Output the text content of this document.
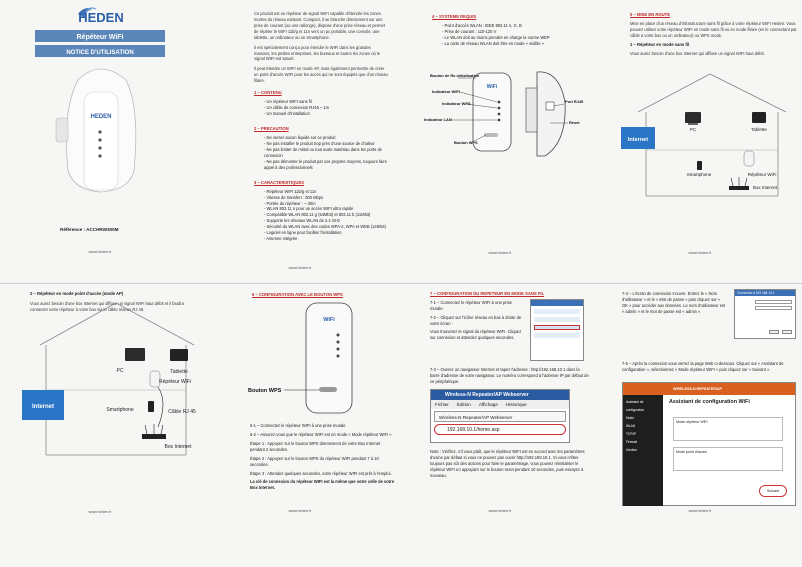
HEDEN
Répéteur WiFi
NOTICE D'UTILISATION
HEDEN
Référence : ACCHRW300M
www.heden.fr

Ce produit est un répéteur de signal WIFI capable d'étendre les zones mortes du réseau existant. Compact, il se branche directement sur une prise de courant (ou une rallonge), dispose d'une prise réseau et permet de répéter le WIFI 11b/g et 11n vers un pc portable, une console, une tablette, un ordinateur ou un Smartphone.

Il est spécialement conçu pour étendre le WIFI dans les grandes maisons, les petites entreprises, les bureaux et toutes les zones où le signal WIFI est saturé.

Il peut étendre un WIFI en mode AP, mais également permettre de créer un point d'accès WIFI pour les accès qui ne sont équipés que d'un réseau filaire.

1 – CONTENU
- Un répéteur WIFI sans fil
- Un câble de connexion RJ45 – 1m
- Un manuel d'installation
2 – PRECAUTION
- Ne verser aucun liquide sur ce produit
- Ne pas installer le produit trop près d'une source de chaleur
- Ne pas limiter de métal ou tout autre matériau dans les ports de connexion
- Ne pas démonter le produit par vos propres moyens, toujours faire appel à des professionnels
3 – CARACTERISTIQUES
- Répéteur WIFI 11b/g et 11n
- Vitesse de transfert : 300 Mbps
- Portée du répéteur : ~ 30m
- WLAN 802.11 n pour un accès WIFI ultra rapide
- Compatible WLAN 802.11 g (54Mbit) et 802.11 b (11Mbit)
- Supporte les réseaux WLAN de 2.4 GHz
- Sécurité du WLAN avec des codes WPA-2, WPA et WEB (128/64)
- Logiciel en ligne pour faciliter l'installation
- Antenne intégrée
www.heden.fr
4 – SYSTEME REQUIS
- Point d'accès WLAN : IEEE 802.11 n, G, B
- Prise de courant : 110-120 V
- Le WLAN doit au moins prendre en charge la norme WEP
- La carte de réseau WLAN doit être en mode « visible »
WiFi
Bouton de Re-initialisation
Indicateur WIFI
Indicateur WPS
Indicateur LAN
Bouton WPS
Port RJ45
Reset
www.heden.fr
5 – MISE EN ROUTE

Mise en place d'un réseau d'infrastructure sans fil grâce à votre répéteur WIFI Heden. Vous pouvez utiliser votre répéteur WIFI en mode sans fil ou en mode filaire (en le connectant par câble à votre box ou un ordinateur) ou WPS mode.

1 – Répéteur en mode sans fil

Vous aurez besoin d'une box Internet qui diffuse un signal WIFI haut débit.

Internet
PC	Tablette
Smartphone	Répéteur WiFi
Box Internet
www.heden.fr
2 – Répéteur en mode point d'accès (mode AP)

Vous aurez besoin d'une box Internet qui diffuse un signal WIFI haut débit et il faudra connecter votre répéteur à votre box via le câble réseau RJ 45.

Internet
PC	Tablette
Répéteur WiFi
Smartphone	Câble RJ 45
Box Internet
www.heden.fr
6 – CONFIGURATION AVEC LE BOUTON WPS
WiFi
Bouton WPS

6-1 – Connectez le répéteur WIFI à une prise murale

6-2 – Assurez-vous que le répéteur WIFI est en mode « Mode répéteur WIFI »

Étape 1 : Appuyez sur le bouton WPS directement de votre Box Internet pendant 2 secondes.

Étape 2 : Appuyez sur le bouton WPS du répéteur WIFI pendant 7 à 10 secondes.

Étape 3 : Attendez quelques secondes, votre répéteur WIFI est prêt à l'emploi.

La clé de connexion du répéteur WIFI est la même que votre celle de votre Box Internet.

www.heden.fr
7 – CONFIGURATION DU REPETEUR EN MODE SANS FIL

7-1 – Connectez le répéteur WIFI à une prise murale.

7-2 – Cliquez sur l'icône réseau en bas à droite de votre écran :

Vous trouverez le signal du répéteur WIFI. Cliquez sur connexion et attendez quelques secondes.

7-3 – Ouvrez un navigateur Internet et tapez l'adresse : http://192.168.10.1 dans la barre d'adresse de votre navigateur. Le numéro correspond à l'adresse IP par défaut de ce périphérique.

Wireless-N Repeater/AP Webserver
Fichier Édition Affichage Historique
Wireless-N Repeater/AP Webserver
192.168.10.1/home.asp

Note : Vérifiez, s'il vous plaît, que le répéteur WIFI est en accord avec les paramètres d'usine par défaut si vous ne pouvez pas ouvrir http://192.168.10.1. Si vous n'êtes toujours pas sûr des actions pour faire le paramétrage, vous pouvez réinitialiser le répéteur WIFI en appuyant sur le bouton reset pendant 10 secondes, puis essayez à nouveau.

www.heden.fr

7-4 – L'écran de connexion s'ouvre. Entrez le « Nom d'utilisateur » et le « Mot de passe » puis cliquez sur « OK » pour accéder aux données. Le nom d'utilisateur est « admin » et le mot de passe est « admin ».

Connexion à 192.168.10.1

7-5 – Après la connexion vous verrez la page Web ci-dessous. Cliquez sur « Assistant de configuration », sélectionnez « Mode répéteur WIFI » puis cliquez sur « Suivant ».

WIRELESS-N REPEATER/AP
Assistant de configuration
Mode
WLAN
TCP/IP
Firewall
Gestion
Assistant de configuration WiFi
Mode répéteur WiFi
Mode point d'accès
Suivant
www.heden.fr
